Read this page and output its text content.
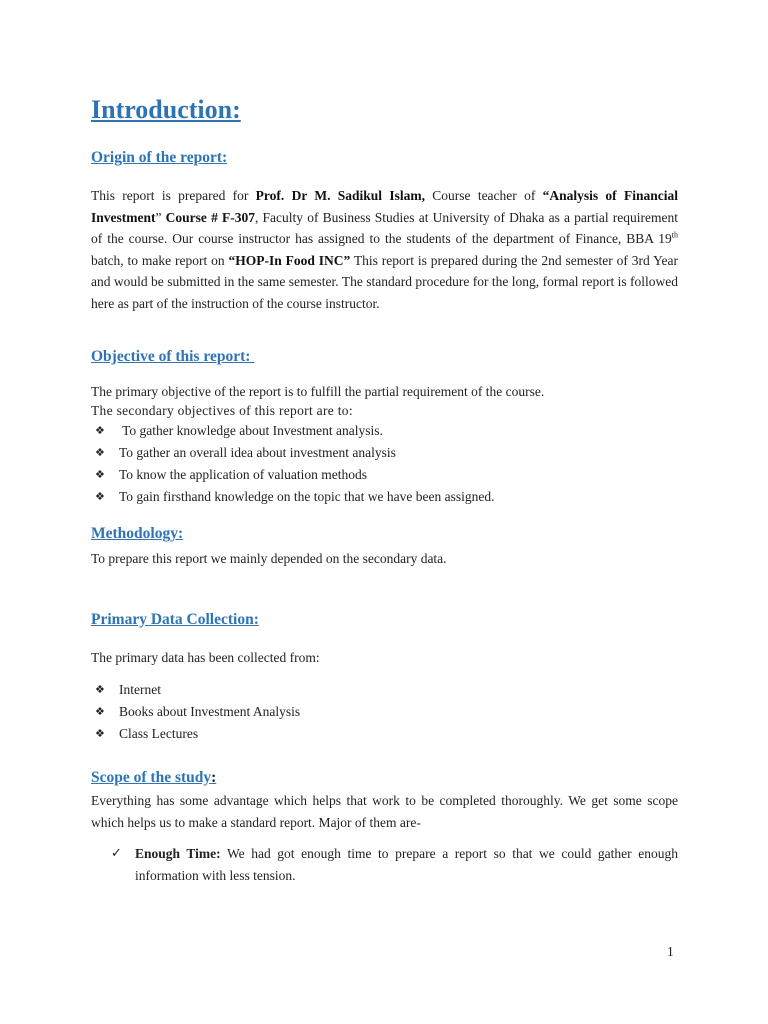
Introduction:
Origin of the report:

This report is prepared for Prof. Dr M. Sadikul Islam, Course teacher of “Analysis of Financial Investment” Course # F-307, Faculty of Business Studies at University of Dhaka as a partial requirement of the course. Our course instructor has assigned to the students of the department of Finance, BBA 19th batch, to make report on “HOP-In Food INC” This report is prepared during the 2nd semester of 3rd Year and would be submitted in the same semester. The standard procedure for the long, formal report is followed here as part of the instruction of the course instructor.

Objective of this report:

The primary objective of the report is to fulfill the partial requirement of the course.

The secondary objectives of this report are to:

❖ To gather knowledge about Investment analysis.
❖ To gather an overall idea about investment analysis
❖ To know the application of valuation methods
❖ To gain firsthand knowledge on the topic that we have been assigned.
Methodology:

To prepare this report we mainly depended on the secondary data.

Primary Data Collection:

The primary data has been collected from:

❖ Internet
❖ Books about Investment Analysis
❖ Class Lectures
Scope of the study:

Everything has some advantage which helps that work to be completed thoroughly. We get some scope which helps us to make a standard report. Major of them are-

✓ Enough Time: We had got enough time to prepare a report so that we could gather enough information with less tension.
1
